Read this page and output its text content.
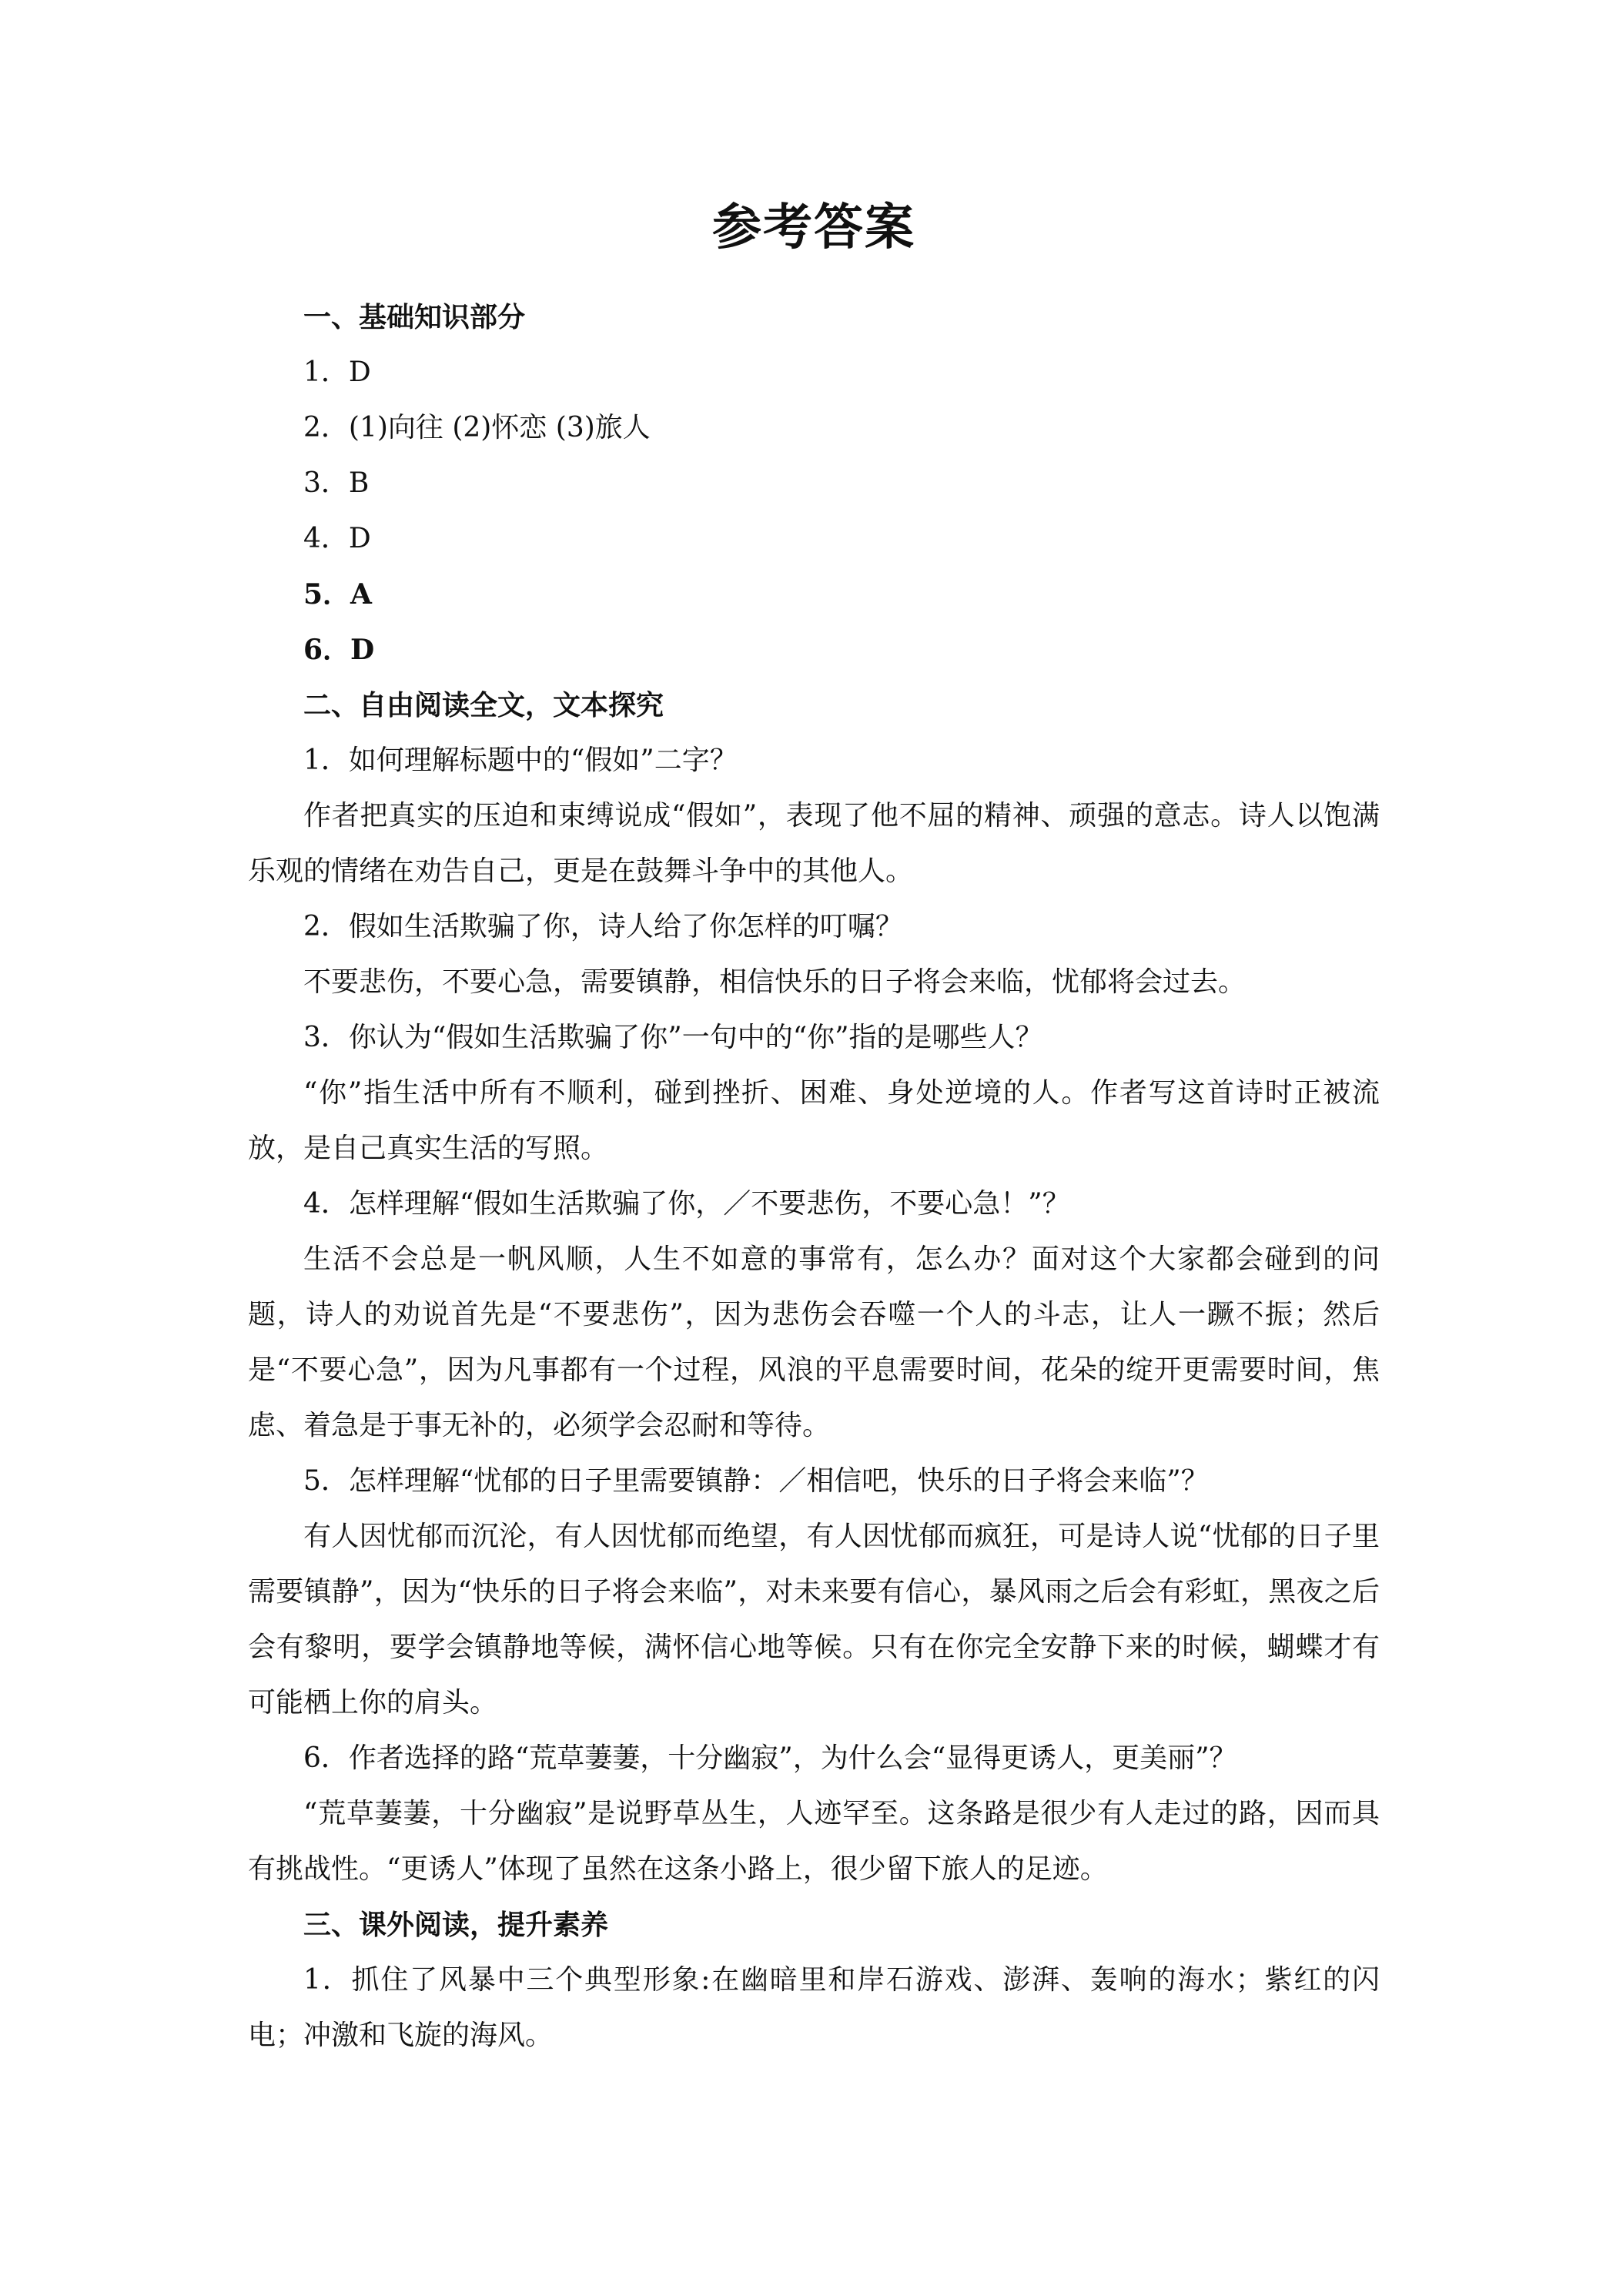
参考答案

一、基础知识部分

1．D

2．(1)向往 (2)怀恋 (3)旅人

3．B

4．D

5．A

6．D

二、自由阅读全文，文本探究

1．如何理解标题中的“假如”二字？

作者把真实的压迫和束缚说成“假如”，表现了他不屈的精神、顽强的意志。诗人以饱满乐观的情绪在劝告自己，更是在鼓舞斗争中的其他人。

2．假如生活欺骗了你，诗人给了你怎样的叮嘱？

不要悲伤，不要心急，需要镇静，相信快乐的日子将会来临，忧郁将会过去。

3．你认为“假如生活欺骗了你”一句中的“你”指的是哪些人？

“你”指生活中所有不顺利，碰到挫折、困难、身处逆境的人。作者写这首诗时正被流放，是自己真实生活的写照。

4．怎样理解“假如生活欺骗了你，／不要悲伤，不要心急！”？

生活不会总是一帆风顺，人生不如意的事常有，怎么办？面对这个大家都会碰到的问题，诗人的劝说首先是“不要悲伤”，因为悲伤会吞噬一个人的斗志，让人一蹶不振；然后是“不要心急”，因为凡事都有一个过程，风浪的平息需要时间，花朵的绽开更需要时间，焦虑、着急是于事无补的，必须学会忍耐和等待。

5．怎样理解“忧郁的日子里需要镇静：／相信吧，快乐的日子将会来临”？

有人因忧郁而沉沦，有人因忧郁而绝望，有人因忧郁而疯狂，可是诗人说“忧郁的日子里需要镇静”，因为“快乐的日子将会来临”，对未来要有信心，暴风雨之后会有彩虹，黑夜之后会有黎明，要学会镇静地等候，满怀信心地等候。只有在你完全安静下来的时候，蝴蝶才有可能栖上你的肩头。

6．作者选择的路“荒草萋萋，十分幽寂”，为什么会“显得更诱人，更美丽”？

“荒草萋萋，十分幽寂”是说野草丛生，人迹罕至。这条路是很少有人走过的路，因而具有挑战性。“更诱人”体现了虽然在这条小路上，很少留下旅人的足迹。

三、课外阅读，提升素养

1．抓住了风暴中三个典型形象:在幽暗里和岸石游戏、澎湃、轰响的海水；紫红的闪电；冲激和飞旋的海风。
